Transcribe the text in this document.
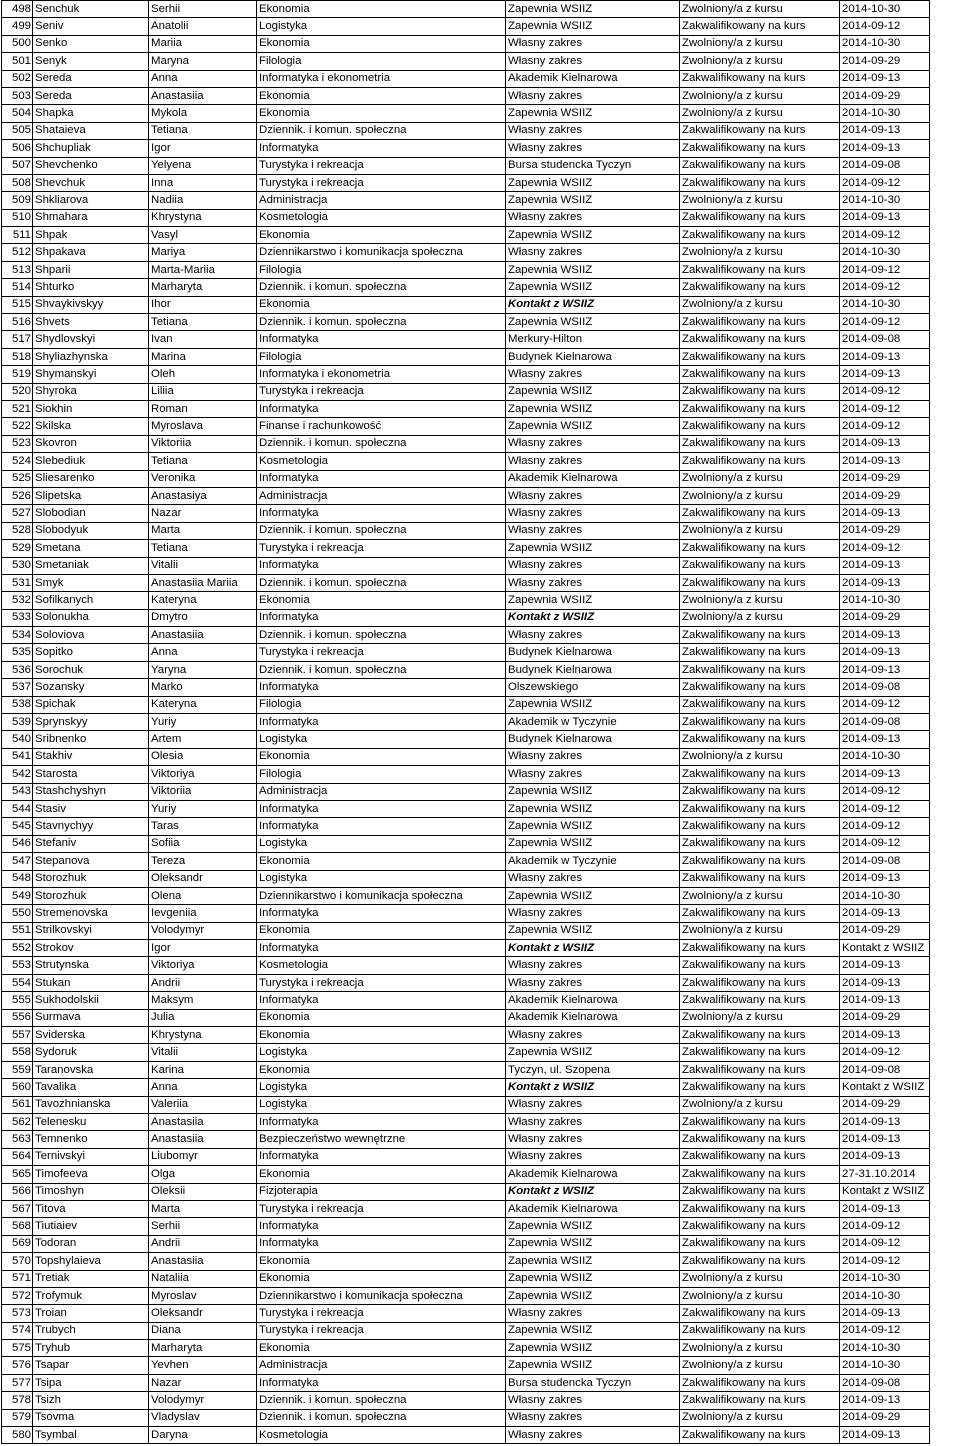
498	Senchuk	Serhii	Ekonomia	Zapewnia WSIIZ	Zwolniony/a z kursu	2014-10-30
499	Seniv	Anatolii	Logistyka	Zapewnia WSIIZ	Zakwalifikowany na kurs	2014-09-12
500	Senko	Mariia	Ekonomia	Własny zakres	Zwolniony/a z kursu	2014-10-30
501	Senyk	Maryna	Filologia	Własny zakres	Zwolniony/a z kursu	2014-09-29
502	Sereda	Anna	Informatyka i ekonometria	Akademik Kielnarowa	Zakwalifikowany na kurs	2014-09-13
503	Sereda	Anastasiia	Ekonomia	Własny zakres	Zwolniony/a z kursu	2014-09-29
504	Shapka	Mykola	Ekonomia	Zapewnia WSIIZ	Zwolniony/a z kursu	2014-10-30
505	Shataieva	Tetiana	Dziennik. i komun. społeczna	Własny zakres	Zakwalifikowany na kurs	2014-09-13
506	Shchupliak	Igor	Informatyka	Własny zakres	Zakwalifikowany na kurs	2014-09-13
507	Shevchenko	Yelyena	Turystyka i rekreacja	Bursa studencka Tyczyn	Zakwalifikowany na kurs	2014-09-08
508	Shevchuk	Inna	Turystyka i rekreacja	Zapewnia WSIIZ	Zakwalifikowany na kurs	2014-09-12
509	Shkliarova	Nadiia	Administracja	Zapewnia WSIIZ	Zwolniony/a z kursu	2014-10-30
510	Shmahara	Khrystyna	Kosmetologia	Własny zakres	Zakwalifikowany na kurs	2014-09-13
511	Shpak	Vasyl	Ekonomia	Zapewnia WSIIZ	Zakwalifikowany na kurs	2014-09-12
512	Shpakava	Mariya	Dziennikarstwo i komunikacja społeczna	Własny zakres	Zwolniony/a z kursu	2014-10-30
513	Shparii	Marta-Mariia	Filologia	Zapewnia WSIIZ	Zakwalifikowany na kurs	2014-09-12
514	Shturko	Marharyta	Dziennik. i komun. społeczna	Zapewnia WSIIZ	Zakwalifikowany na kurs	2014-09-12
515	Shvaykivskyy	Ihor	Ekonomia	Kontakt z WSIIZ	Zwolniony/a z kursu	2014-10-30
516	Shvets	Tetiana	Dziennik. i komun. społeczna	Zapewnia WSIIZ	Zakwalifikowany na kurs	2014-09-12
517	Shydlovskyi	Ivan	Informatyka	Merkury-Hilton	Zakwalifikowany na kurs	2014-09-08
518	Shyliazhynska	Marina	Filologia	Budynek Kielnarowa	Zakwalifikowany na kurs	2014-09-13
519	Shymanskyi	Oleh	Informatyka i ekonometria	Własny zakres	Zakwalifikowany na kurs	2014-09-13
520	Shyroka	Liliia	Turystyka i rekreacja	Zapewnia WSIIZ	Zakwalifikowany na kurs	2014-09-12
521	Siokhin	Roman	Informatyka	Zapewnia WSIIZ	Zakwalifikowany na kurs	2014-09-12
522	Skilska	Myroslava	Finanse i rachunkowość	Zapewnia WSIIZ	Zakwalifikowany na kurs	2014-09-12
523	Skovron	Viktoriia	Dziennik. i komun. społeczna	Własny zakres	Zakwalifikowany na kurs	2014-09-13
524	Slebediuk	Tetiana	Kosmetologia	Własny zakres	Zakwalifikowany na kurs	2014-09-13
525	Sliesarenko	Veronika	Informatyka	Akademik Kielnarowa	Zwolniony/a z kursu	2014-09-29
526	Slipetska	Anastasiya	Administracja	Własny zakres	Zwolniony/a z kursu	2014-09-29
527	Slobodian	Nazar	Informatyka	Własny zakres	Zakwalifikowany na kurs	2014-09-13
528	Slobodyuk	Marta	Dziennik. i komun. społeczna	Własny zakres	Zwolniony/a z kursu	2014-09-29
529	Smetana	Tetiana	Turystyka i rekreacja	Zapewnia WSIIZ	Zakwalifikowany na kurs	2014-09-12
530	Smetaniak	Vitalii	Informatyka	Własny zakres	Zakwalifikowany na kurs	2014-09-13
531	Smyk	Anastasiia Mariia	Dziennik. i komun. społeczna	Własny zakres	Zakwalifikowany na kurs	2014-09-13
532	Sofilkanych	Kateryna	Ekonomia	Zapewnia WSIIZ	Zwolniony/a z kursu	2014-10-30
533	Solonukha	Dmytro	Informatyka	Kontakt z WSIIZ	Zwolniony/a z kursu	2014-09-29
534	Soloviova	Anastasiia	Dziennik. i komun. społeczna	Własny zakres	Zakwalifikowany na kurs	2014-09-13
535	Sopitko	Anna	Turystyka i rekreacja	Budynek Kielnarowa	Zakwalifikowany na kurs	2014-09-13
536	Sorochuk	Yaryna	Dziennik. i komun. społeczna	Budynek Kielnarowa	Zakwalifikowany na kurs	2014-09-13
537	Sozansky	Marko	Informatyka	Olszewskiego	Zakwalifikowany na kurs	2014-09-08
538	Spichak	Kateryna	Filologia	Zapewnia WSIIZ	Zakwalifikowany na kurs	2014-09-12
539	Sprynskyy	Yuriy	Informatyka	Akademik w Tyczynie	Zakwalifikowany na kurs	2014-09-08
540	Sribnenko	Artem	Logistyka	Budynek Kielnarowa	Zakwalifikowany na kurs	2014-09-13
541	Stakhiv	Olesia	Ekonomia	Własny zakres	Zwolniony/a z kursu	2014-10-30
542	Starosta	Viktoriya	Filologia	Własny zakres	Zakwalifikowany na kurs	2014-09-13
543	Stashchyshyn	Viktoriia	Administracja	Zapewnia WSIIZ	Zakwalifikowany na kurs	2014-09-12
544	Stasiv	Yuriy	Informatyka	Zapewnia WSIIZ	Zakwalifikowany na kurs	2014-09-12
545	Stavnychyy	Taras	Informatyka	Zapewnia WSIIZ	Zakwalifikowany na kurs	2014-09-12
546	Stefaniv	Sofiia	Logistyka	Zapewnia WSIIZ	Zakwalifikowany na kurs	2014-09-12
547	Stepanova	Tereza	Ekonomia	Akademik w Tyczynie	Zakwalifikowany na kurs	2014-09-08
548	Storozhuk	Oleksandr	Logistyka	Własny zakres	Zakwalifikowany na kurs	2014-09-13
549	Storozhuk	Olena	Dziennikarstwo i komunikacja społeczna	Zapewnia WSIIZ	Zwolniony/a z kursu	2014-10-30
550	Stremenovska	Ievgeniia	Informatyka	Własny zakres	Zakwalifikowany na kurs	2014-09-13
551	Strilkovskyi	Volodymyr	Ekonomia	Zapewnia WSIIZ	Zwolniony/a z kursu	2014-09-29
552	Strokov	Igor	Informatyka	Kontakt z WSIIZ	Zakwalifikowany na kurs	Kontakt z WSIIZ
553	Strutynska	Viktoriya	Kosmetologia	Własny zakres	Zakwalifikowany na kurs	2014-09-13
554	Stukan	Andrii	Turystyka i rekreacja	Własny zakres	Zakwalifikowany na kurs	2014-09-13
555	Sukhodolskii	Maksym	Informatyka	Akademik Kielnarowa	Zakwalifikowany na kurs	2014-09-13
556	Surmava	Julia	Ekonomia	Akademik Kielnarowa	Zwolniony/a z kursu	2014-09-29
557	Sviderska	Khrystyna	Ekonomia	Własny zakres	Zakwalifikowany na kurs	2014-09-13
558	Sydoruk	Vitalii	Logistyka	Zapewnia WSIIZ	Zakwalifikowany na kurs	2014-09-12
559	Taranovska	Karina	Ekonomia	Tyczyn, ul. Szopena	Zakwalifikowany na kurs	2014-09-08
560	Tavalika	Anna	Logistyka	Kontakt z WSIIZ	Zakwalifikowany na kurs	Kontakt z WSIIZ
561	Tavozhnianska	Valeriia	Logistyka	Własny zakres	Zwolniony/a z kursu	2014-09-29
562	Telenesku	Anastasiia	Informatyka	Własny zakres	Zakwalifikowany na kurs	2014-09-13
563	Temnenko	Anastasiia	Bezpieczeństwo wewnętrzne	Własny zakres	Zakwalifikowany na kurs	2014-09-13
564	Ternivskyi	Liubomyr	Informatyka	Własny zakres	Zakwalifikowany na kurs	2014-09-13
565	Timofeeva	Olga	Ekonomia	Akademik Kielnarowa	Zakwalifikowany na kurs	27-31.10.2014
566	Timoshyn	Oleksii	Fizjoterapia	Kontakt z WSIIZ	Zakwalifikowany na kurs	Kontakt z WSIIZ
567	Titova	Marta	Turystyka i rekreacja	Akademik Kielnarowa	Zakwalifikowany na kurs	2014-09-13
568	Tiutiaiev	Serhii	Informatyka	Zapewnia WSIIZ	Zakwalifikowany na kurs	2014-09-12
569	Todoran	Andrii	Informatyka	Zapewnia WSIIZ	Zakwalifikowany na kurs	2014-09-12
570	Topshylaieva	Anastasiia	Ekonomia	Zapewnia WSIIZ	Zakwalifikowany na kurs	2014-09-12
571	Tretiak	Nataliia	Ekonomia	Zapewnia WSIIZ	Zwolniony/a z kursu	2014-10-30
572	Trofymuk	Myroslav	Dziennikarstwo i komunikacja społeczna	Zapewnia WSIIZ	Zwolniony/a z kursu	2014-10-30
573	Troian	Oleksandr	Turystyka i rekreacja	Własny zakres	Zakwalifikowany na kurs	2014-09-13
574	Trubych	Diana	Turystyka i rekreacja	Zapewnia WSIIZ	Zakwalifikowany na kurs	2014-09-12
575	Tryhub	Marharyta	Ekonomia	Zapewnia WSIIZ	Zwolniony/a z kursu	2014-10-30
576	Tsapar	Yevhen	Administracja	Zapewnia WSIIZ	Zwolniony/a z kursu	2014-10-30
577	Tsipa	Nazar	Informatyka	Bursa studencka Tyczyn	Zakwalifikowany na kurs	2014-09-08
578	Tsizh	Volodymyr	Dziennik. i komun. społeczna	Własny zakres	Zakwalifikowany na kurs	2014-09-13
579	Tsovma	Vladyslav	Dziennik. i komun. społeczna	Własny zakres	Zwolniony/a z kursu	2014-09-29
580	Tsymbal	Daryna	Kosmetologia	Własny zakres	Zakwalifikowany na kurs	2014-09-13
